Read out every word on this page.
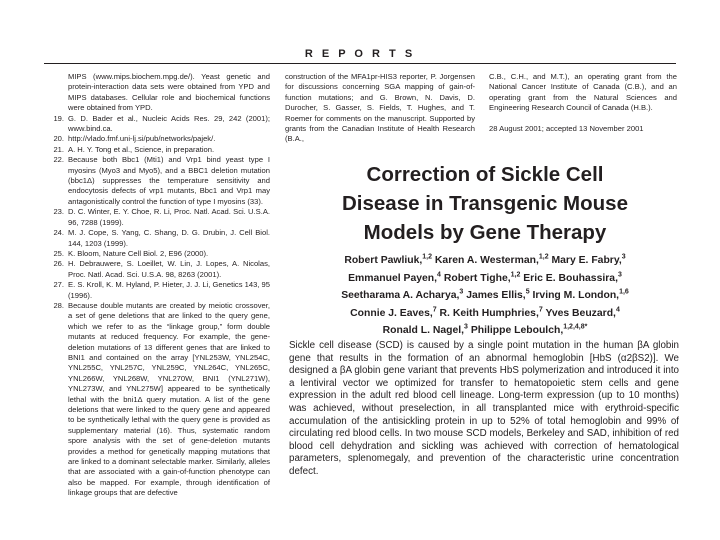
R E P O R T S
MIPS (www.mips.biochem.mpg.de/). Yeast genetic and protein-interaction data sets were obtained from YPD and MIPS databases. Cellular role and biochemical functions were obtained from YPD.
19. G. D. Bader et al., Nucleic Acids Res. 29, 242 (2001); www.bind.ca.
20. http://vlado.fmf.uni-lj.si/pub/networks/pajek/.
21. A. H. Y. Tong et al., Science, in preparation.
22. Because both Bbc1 (Mti1) and Vrp1 bind yeast type I myosins (Myo3 and Myo5), and a BBC1 deletion mutation (bbc1Δ) suppresses the temperature sensitivity and endocytosis defects of vrp1 mutants, Bbc1 and Vrp1 may antagonistically control the function of type I myosins (33).
23. D. C. Winter, E. Y. Choe, R. Li, Proc. Natl. Acad. Sci. U.S.A. 96, 7288 (1999).
24. M. J. Cope, S. Yang, C. Shang, D. G. Drubin, J. Cell Biol. 144, 1203 (1999).
25. K. Bloom, Nature Cell Biol. 2, E96 (2000).
26. H. Debrauwere, S. Loeillet, W. Lin, J. Lopes, A. Nicolas, Proc. Natl. Acad. Sci. U.S.A. 98, 8263 (2001).
27. E. S. Kroll, K. M. Hyland, P. Hieter, J. J. Li, Genetics 143, 95 (1996).
28. Because double mutants are created by meiotic crossover, a set of gene deletions that are linked to the query gene, which we refer to as the “linkage group,” form double mutants at reduced frequency. For example, the gene-deletion mutations of 13 different genes that are linked to BNI1 and contained on the array [YNL253W, YNL254C, YNL255C, YNL257C, YNL259C, YNL264C, YNL265C, YNL266W, YNL268W, YNL270W, BNI1 (YNL271W), YNL273W, and YNL275W] appeared to be synthetically lethal with the bni1Δ query mutation. A list of the gene deletions that were linked to the query gene and appeared to be synthetically lethal with the query gene is provided as supplementary material (16). Thus, systematic random spore analysis with the set of gene-deletion mutants provides a method for genetically mapping mutations that are linked to a dominant selectable marker. Similarly, alleles that are associated with a gain-of-function phenotype can also be mapped. For example, through identification of linkage groups that are defective
construction of the MFA1pr-HIS3 reporter, P. Jorgensen for discussions concerning SGA mapping of gain-of-function mutations; and G. Brown, N. Davis, D. Durocher, S. Gasser, S. Fields, T. Hughes, and T. Roemer for comments on the manuscript. Supported by grants from the Canadian Institute of Health Research (B.A.,
C.B., C.H., and M.T.), an operating grant from the National Cancer Institute of Canada (C.B.), and an operating grant from the Natural Sciences and Engineering Research Council of Canada (H.B.).
28 August 2001; accepted 13 November 2001
Correction of Sickle Cell
Disease in Transgenic Mouse
Models by Gene Therapy
Robert Pawliuk,$^{1,2}$ Karen A. Westerman,$^{1,2}$ Mary E. Fabry,$^3$
Emmanuel Payen,$^4$ Robert Tighe,$^{1,2}$ Eric E. Bouhassira,$^3$
Seetharama A. Acharya,$^3$ James Ellis,$^5$ Irving M. London,$^{1,6}$
Connie J. Eaves,$^7$ R. Keith Humphries,$^7$ Yves Beuzard,$^4$
Ronald L. Nagel,$^3$ Philippe Leboulch,$^{1,2,4,8*}$
Sickle cell disease (SCD) is caused by a single point mutation in the human βA globin gene that results in the formation of an abnormal hemoglobin [HbS (α2βS2)]. We designed a βA globin gene variant that prevents HbS polymerization and introduced it into a lentiviral vector we optimized for transfer to hematopoietic stem cells and gene expression in the adult red blood cell lineage. Long-term expression (up to 10 months) was achieved, without preselection, in all transplanted mice with erythroid-specific accumulation of the antisickling protein in up to 52% of total hemoglobin and 99% of circulating red blood cells. In two mouse SCD models, Berkeley and SAD, inhibition of red blood cell dehydration and sickling was achieved with correction of hematological parameters, splenomegaly, and prevention of the characteristic urine concentration defect.
